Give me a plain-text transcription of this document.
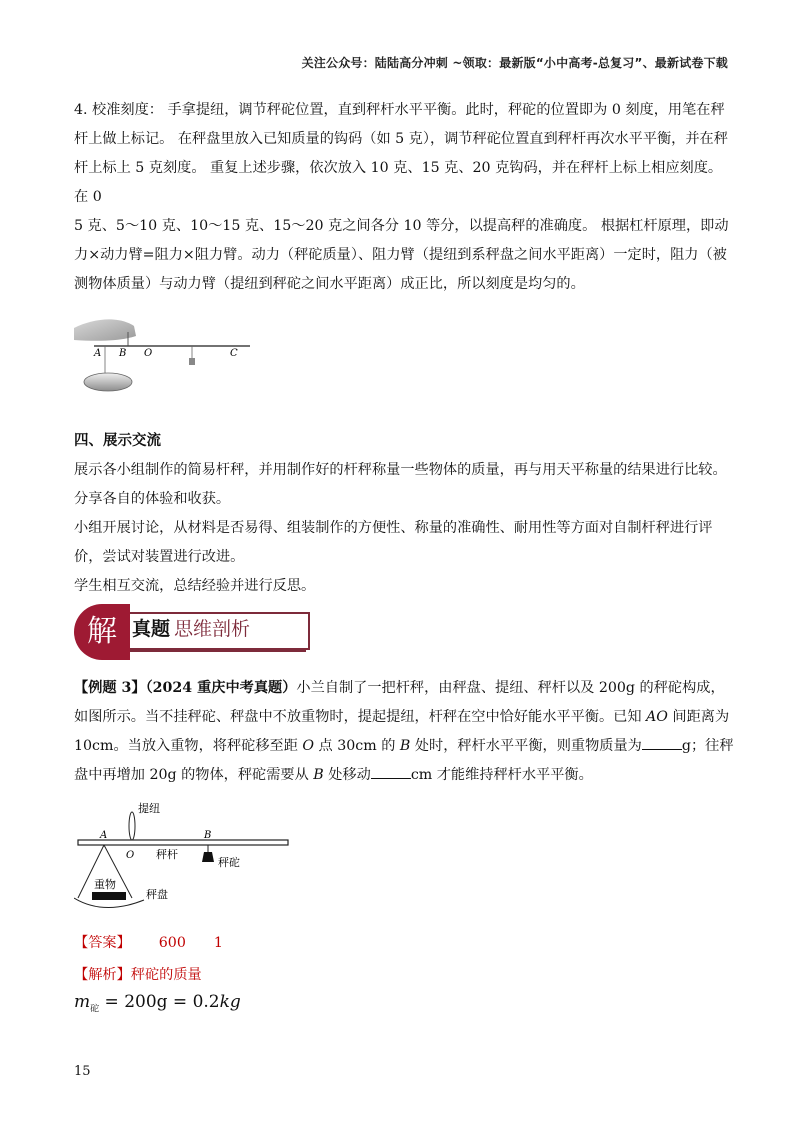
关注公众号：陆陆高分冲刺 ~领取：最新版“小中高考-总复习”、最新试卷下载

4. 校准刻度： 手拿提纽，调节秤砣位置，直到秤杆水平平衡。此时，秤砣的位置即为 0 刻度，用笔在秤杆上做上标记。 在秤盘里放入已知质量的钩码（如 5 克），调节秤砣位置直到秤杆再次水平平衡，并在秤杆上标上 5 克刻度。 重复上述步骤，依次放入 10 克、15 克、20 克钩码，并在秤杆上标上相应刻度。

在 0

5 克、5～10 克、10～15 克、15～20 克之间各分 10 等分，以提高秤的准确度。 根据杠杆原理，即动力×动力臂=阻力×阻力臂。动力（秤砣质量）、阻力臂（提纽到系秤盘之间水平距离）一定时，阻力（被测物体质量）与动力臂（提纽到秤砣之间水平距离）成正比，所以刻度是均匀的。

A B O	C

四、展示交流

展示各小组制作的简易杆秤，并用制作好的杆秤称量一些物体的质量，再与用天平称量的结果进行比较。

分享各自的体验和收获。

小组开展讨论，从材料是否易得、组装制作的方便性、称量的准确性、耐用性等方面对自制杆秤进行评价，尝试对装置进行改进。

学生相互交流，总结经验并进行反思。

解 真题 思维剖析

【例题 3】（2024 重庆中考真题）小兰自制了一把杆秤，由秤盘、提纽、秤杆以及 200g 的秤砣构成，如图所示。当不挂秤砣、秤盘中不放重物时，提起提纽，杆秤在空中恰好能水平平衡。已知 AO 间距离为 10cm。当放入重物，将秤砣移至距 O 点 30cm 的 B 处时，秤杆水平平衡，则重物质量为	g；往秤盘中再增加 20g 的物体，秤砣需要从 B 处移动	cm 才能维持秤杆水平平衡。

提纽
A
O
B
秤杆
秤砣
重物
秤盘
【答案】 600 1
【解析】秤砣的质量
$m_砣 = 200g = 0.2kg$
15
